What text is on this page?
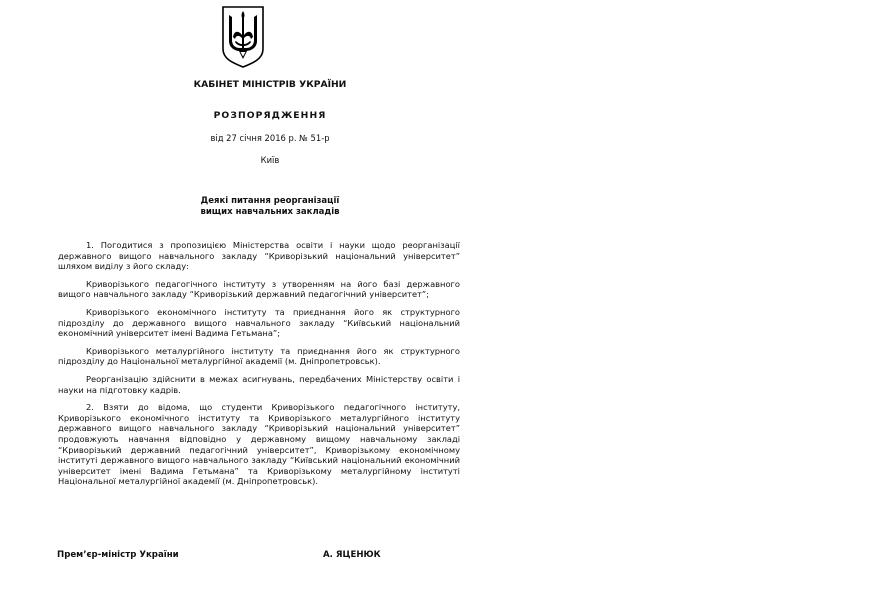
КАБІНЕТ МІНІСТРІВ УКРАЇНИ
РОЗПОРЯДЖЕННЯ
від 27 січня 2016 р. № 51-р
Київ
Деякі питання реорганізації
вищих навчальних закладів

1. Погодитися з пропозицією Міністерства освіти і науки щодо реорганізації державного вищого навчального закладу “Криворізький національний університет” шляхом виділу з його складу:

Криворізького педагогічного інституту з утворенням на його базі державного вищого навчального закладу “Криворізький державний педагогічний університет”;

Криворізького економічного інституту та приєднання його як структурного підрозділу до державного вищого навчального закладу “Київський національний економічний університет імені Вадима Гетьмана”;

Криворізького металургійного інституту та приєднання його як структурного підрозділу до Національної металургійної академії (м. Дніпропетровськ).

Реорганізацію здійснити в межах асигнувань, передбачених Міністерству освіти і науки на підготовку кадрів.

2. Взяти до відома, що студенти Криворізького педагогічного інституту, Криворізького економічного інституту та Криворізького металургійного інституту державного вищого навчального закладу “Криворізький національний університет” продовжують навчання відповідно у державному вищому навчальному закладі “Криворізький державний педагогічний університет”, Криворізькому економічному інституті державного вищого навчального закладу “Київський національний економічний університет імені Вадима Гетьмана” та Криворізькому металургійному інституті Національної металургійної академії (м. Дніпропетровськ).

Прем’єр-міністр України	А. ЯЦЕНЮК
